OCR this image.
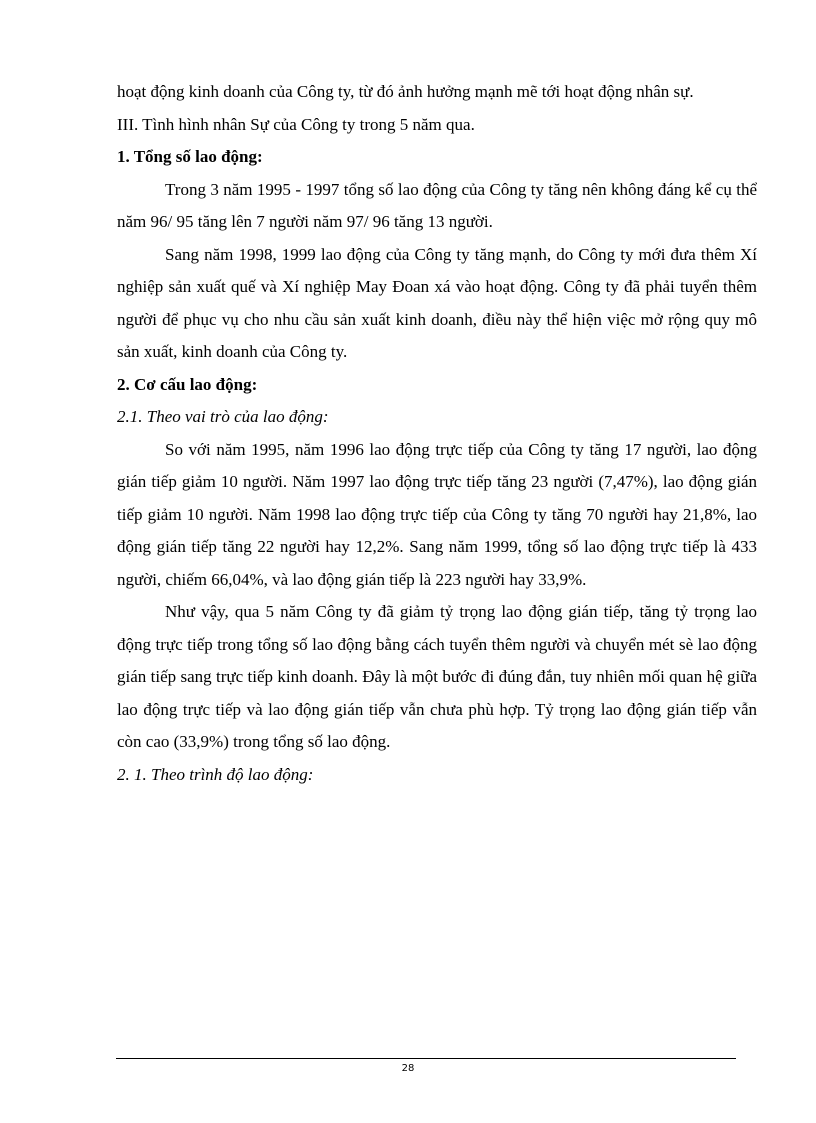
hoạt động kinh doanh của Công ty, từ đó ảnh hưởng mạnh mẽ tới hoạt động nhân sự.

III. Tình hình nhân Sự của Công ty trong 5 năm qua.

1. Tổng số lao động:

Trong 3 năm 1995 - 1997 tổng số lao động của Công ty tăng nên không đáng kể cụ thể năm 96/ 95 tăng lên 7 người năm 97/ 96 tăng 13 người.

Sang năm 1998, 1999 lao động của Công ty tăng mạnh, do Công ty mới đưa thêm Xí nghiệp sản xuất quế và Xí nghiệp May Đoan xá vào hoạt động. Công ty đã phải tuyển thêm người để phục vụ cho nhu cầu sản xuất kinh doanh, điều này thể hiện việc mở rộng quy mô sản xuất, kinh doanh của Công ty.

2. Cơ cấu lao động:

2.1. Theo vai trò của lao động:

So với năm 1995, năm 1996 lao động trực tiếp của Công ty tăng 17 người, lao động gián tiếp giảm 10 người. Năm 1997 lao động trực tiếp tăng 23 người (7,47%), lao động gián tiếp giảm 10 người. Năm 1998 lao động trực tiếp của Công ty tăng 70 người hay 21,8%, lao động gián tiếp tăng 22 người hay 12,2%. Sang năm 1999, tổng số lao động trực tiếp là 433 người, chiếm 66,04%, và lao động gián tiếp là 223 người hay 33,9%.

Như vậy, qua 5 năm Công ty đã giảm tỷ trọng lao động gián tiếp, tăng tỷ trọng lao động trực tiếp trong tổng số lao động bằng cách tuyển thêm người và chuyển mét sè lao động gián tiếp sang trực tiếp kinh doanh. Đây là một bước đi đúng đắn, tuy nhiên mối quan hệ giữa lao động trực tiếp và lao động gián tiếp vẫn chưa phù hợp. Tỷ trọng lao động gián tiếp vẫn còn cao (33,9%) trong tổng số lao động.

2. 1. Theo trình độ lao động:

28
